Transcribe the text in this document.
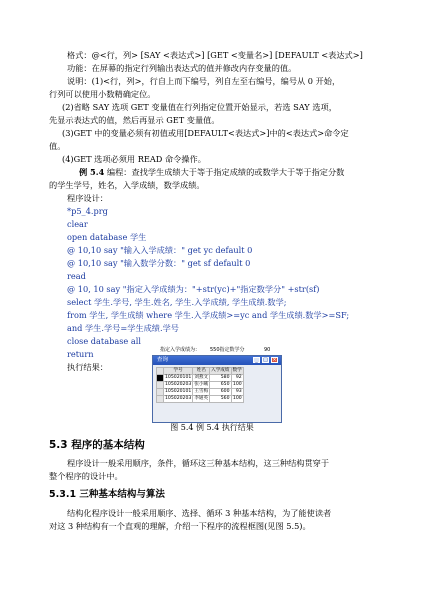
格式：@<行，列> [SAY <表达式>] [GET <变量名>] [DEFAULT <表达式>]
功能：在屏幕的指定行列输出表达式的值并修改内存变量的值。
说明：(1)<行，列>，行自上而下编号，列自左至右编号，编号从 0 开始，
行列可以使用小数精确定位。
(2)省略 SAY 选项 GET 变量值在行列指定位置开始显示，若选 SAY 选项，
先显示表达式的值，然后再显示 GET 变量值。
(3)GET 中的变量必须有初值或用[DEFAULT<表达式>]中的<表达式>命令定
值。
(4)GET 选项必须用 READ 命令操作。
例 5.4 编程：查找学生成绩大于等于指定成绩的或数学大于等于指定分数
的学生学号，姓名，入学成绩，数学成绩。
程序设计：
*p5_4.prg
clear
open database 学生
@ 10,10 say "输入入学成绩：" get yc default 0
@ 10,10 say "输入数学分数：" get sf default 0
read
@ 10, 10 say "指定入学成绩为："+str(yc)+"指定数学分" +str(sf)
select 学生.学号, 学生.姓名, 学生.入学成绩, 学生成绩.数学;
from 学生, 学生成绩 where 学生.入学成绩>=yc and 学生成绩.数学>=SF;
and 学生.学号=学生成绩.学号
close database all
return
执行结果：
指定入学成绩为： 550指定数学分	90
查询	_	□ ×
	学号	姓名	入学成绩	数学
	105020101	刘燕文	580	92
	105020203	张小曦	650	100
	105020101	王雪梅	600	93
	105020203	李通英	560	100
图 5.4 例 5.4 执行结果
5.3 程序的基本结构
程序设计一般采用顺序，条件，循环这三种基本结构，这三种结构贯穿于
整个程序的设计中。
5.3.1 三种基本结构与算法
结构化程序设计一般采用顺序、选择、循环 3 种基本结构，为了能使读者
对这 3 种结构有一个直观的理解，介绍一下程序的流程框图(见图 5.5)。
